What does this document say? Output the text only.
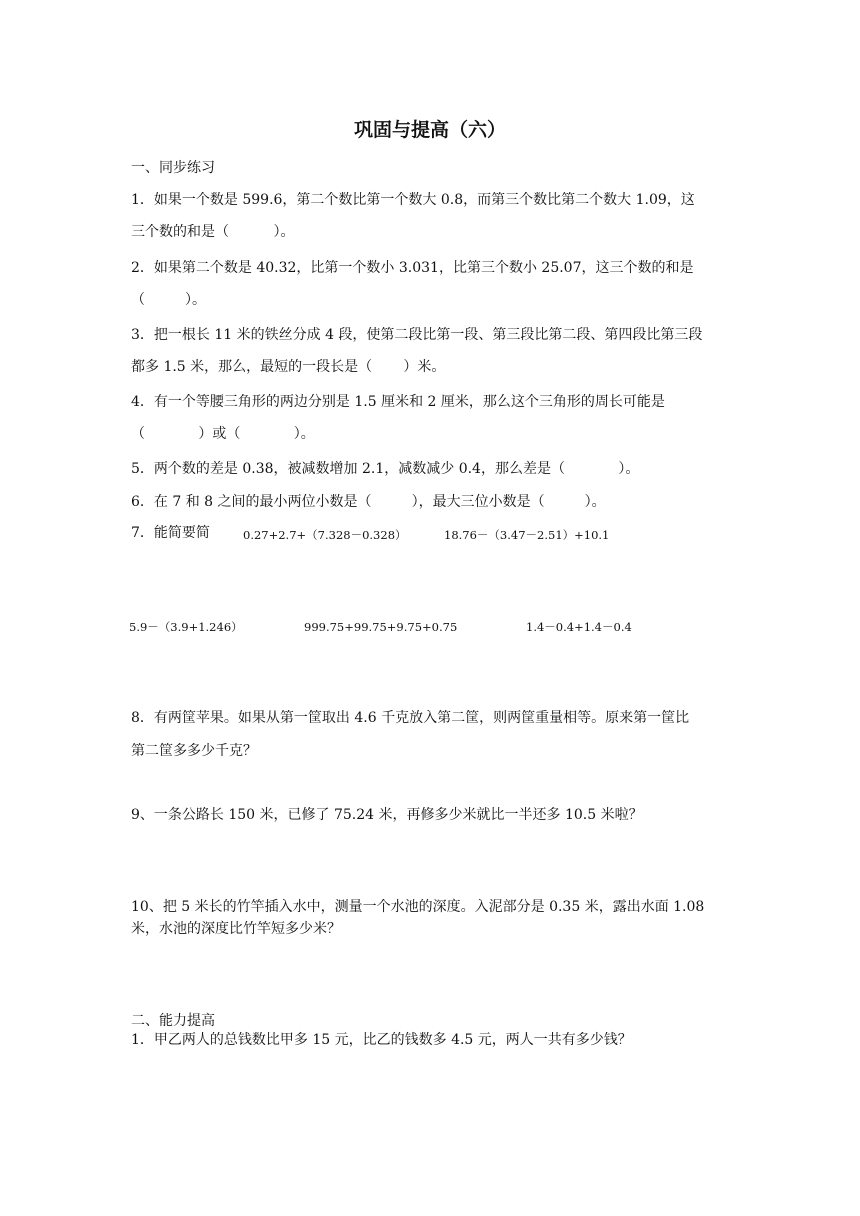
巩固与提高（六）
一、同步练习
1．如果一个数是 599.6，第二个数比第一个数大 0.8，而第三个数比第二个数大 1.09，这
三个数的和是（          ）。
2．如果第二个数是 40.32，比第一个数小 3.031，比第三个数小 25.07，这三个数的和是
（         ）。
3．把一根长 11 米的铁丝分成 4 段，使第二段比第一段、第三段比第二段、第四段比第三段
都多 1.5 米，那么，最短的一段长是（       ）米。
4．有一个等腰三角形的两边分别是 1.5 厘米和 2 厘米，那么这个三角形的周长可能是
（            ）或（            ）。
5．两个数的差是 0.38，被减数增加 2.1，减数减少 0.4，那么差是（            ）。
6．在 7 和 8 之间的最小两位小数是（         ），最大三位小数是（         ）。
7．能简要简	0.27+2.7+（7.328－0.328）	18.76－（3.47－2.51）+10.1
5.9－（3.9+1.246）	999.75+99.75+9.75+0.75	1.4－0.4+1.4－0.4
8．有两筐苹果。如果从第一筐取出 4.6 千克放入第二筐，则两筐重量相等。原来第一筐比
第二筐多多少千克？
9、一条公路长 150 米，已修了 75.24 米，再修多少米就比一半还多 10.5 米啦？
10、把 5 米长的竹竿插入水中，测量一个水池的深度。入泥部分是 0.35 米，露出水面 1.08
米，水池的深度比竹竿短多少米？
二、能力提高
1．甲乙两人的总钱数比甲多 15 元，比乙的钱数多 4.5 元，两人一共有多少钱？
